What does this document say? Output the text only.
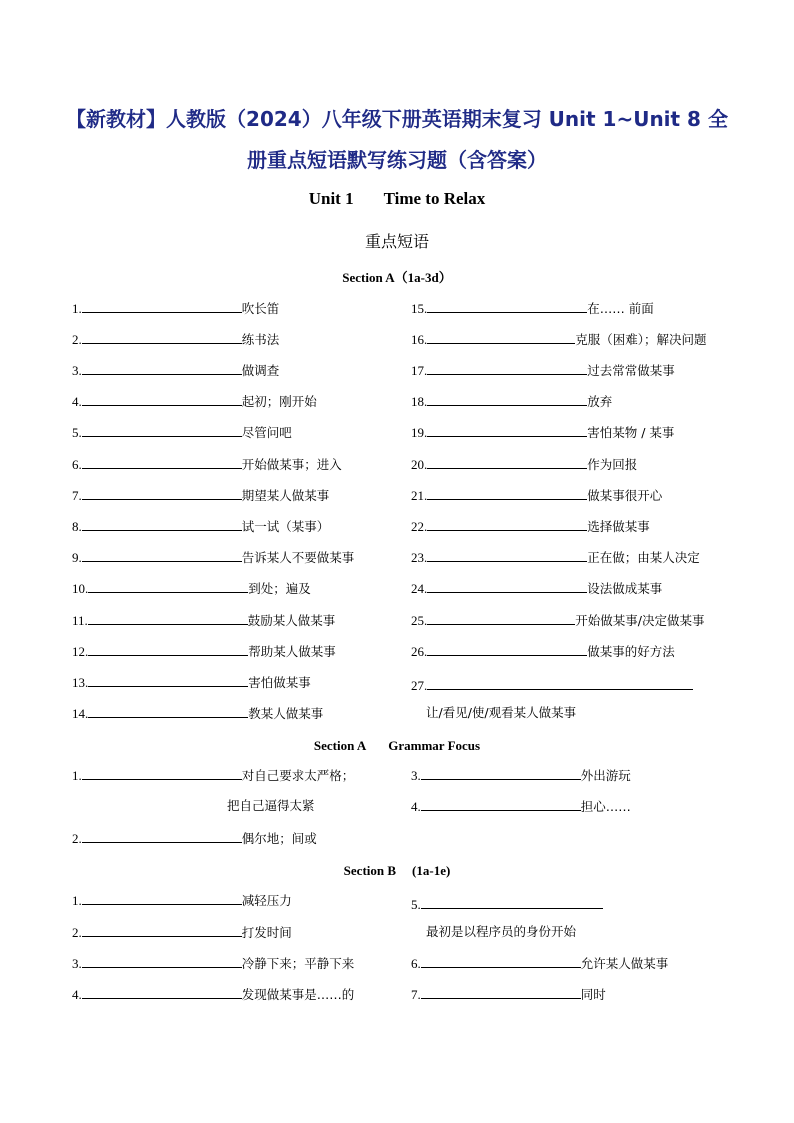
【新教材】人教版（2024）八年级下册英语期末复习 Unit 1~Unit 8 全
册重点短语默写练习题（含答案）
Unit 1 Time to Relax
重点短语
Section A（1a-3d）
1.	吹长笛
2.	练书法
3.	做调查
4.	起初；刚开始
5.	尽管问吧
6.	开始做某事；进入
7.	期望某人做某事
8.	试一试（某事）
9.	告诉某人不要做某事
10.	到处；遍及
11.	鼓励某人做某事
12.	帮助某人做某事
13.	害怕做某事
14.	教某人做某事
15.	在…… 前面
16.	克服（困难）；解决问题
17.	过去常常做某事
18.	放弃
19.	害怕某物 / 某事
20.	作为回报
21.	做某事很开心
22.	选择做某事
23.	正在做；由某人决定
24.	设法做成某事
25.	开始做某事/决定做某事
26.	做某事的好方法
27.
让/看见/使/观看某人做某事
Section A Grammar Focus
1.	对自己要求太严格；
把自己逼得太紧
2.	偶尔地；间或
3.	外出游玩
4.	担心……
Section B (1a-1e)
1.	减轻压力
2.	打发时间
3.	冷静下来；平静下来
4.	发现做某事是……的
5.
最初是以程序员的身份开始
6.	允许某人做某事
7.	同时
